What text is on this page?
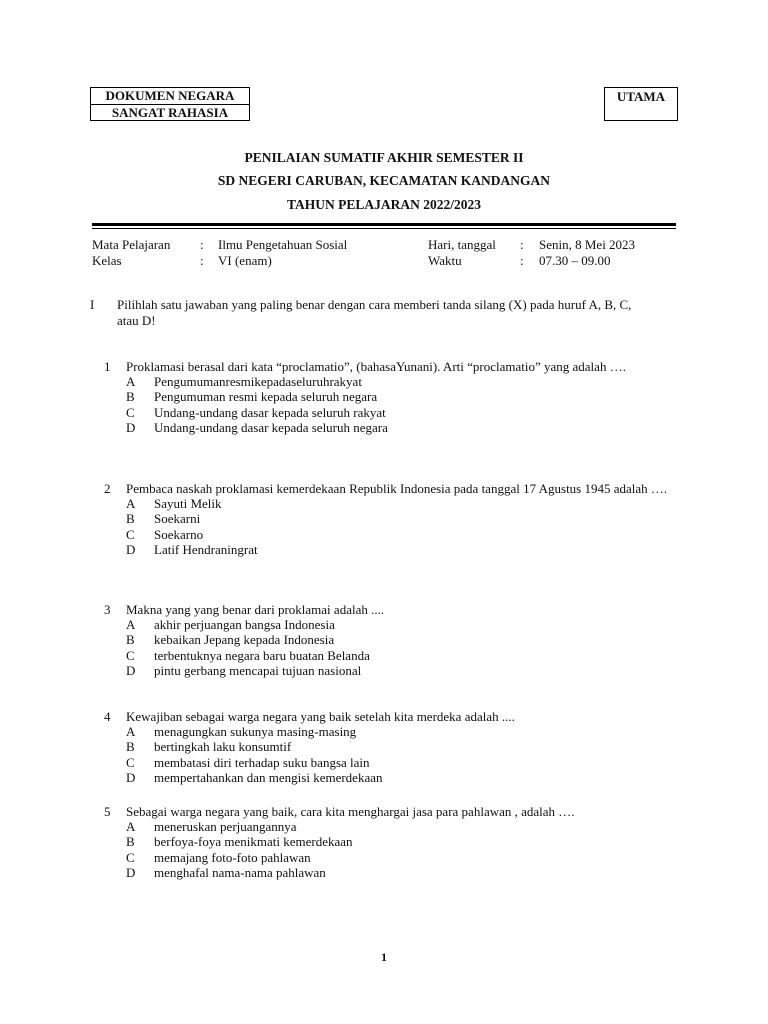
DOKUMEN NEGARA
SANGAT RAHASIA
UTAMA
PENILAIAN SUMATIF AKHIR SEMESTER II
SD NEGERI CARUBAN, KECAMATAN KANDANGAN
TAHUN PELAJARAN 2022/2023
Mata Pelajaran : Ilmu Pengetahuan Sosial
Kelas	: VI (enam)
Hari, tanggal : Senin, 8 Mei 2023
Waktu	: 07.30 – 09.00
I Pilihlah satu jawaban yang paling benar dengan cara memberi tanda silang (X) pada huruf A, B, C, atau D!
1 Proklamasi berasal dari kata “proclamatio”, (bahasaYunani). Arti “proclamatio” yang adalah ….
A Pengumumanresmikepadaseluruhrakyat
B Pengumuman resmi kepada seluruh negara
C Undang-undang dasar kepada seluruh rakyat
D Undang-undang dasar kepada seluruh negara
2 Pembaca naskah proklamasi kemerdekaan Republik Indonesia pada tanggal 17 Agustus 1945 adalah ….
A Sayuti Melik
B Soekarni
C Soekarno
D Latif Hendraningrat
3 Makna yang yang benar dari proklamai adalah ....
A akhir perjuangan bangsa Indonesia
B kebaikan Jepang kepada Indonesia
C terbentuknya negara baru buatan Belanda
D pintu gerbang mencapai tujuan nasional
4 Kewajiban sebagai warga negara yang baik setelah kita merdeka adalah ....
A menagungkan sukunya masing-masing
B bertingkah laku konsumtif
C membatasi diri terhadap suku bangsa lain
D mempertahankan dan mengisi kemerdekaan
5 Sebagai warga negara yang baik, cara kita menghargai jasa para pahlawan , adalah ….
A meneruskan perjuangannya
B berfoya-foya menikmati kemerdekaan
C memajang foto-foto pahlawan
D menghafal nama-nama pahlawan
1
